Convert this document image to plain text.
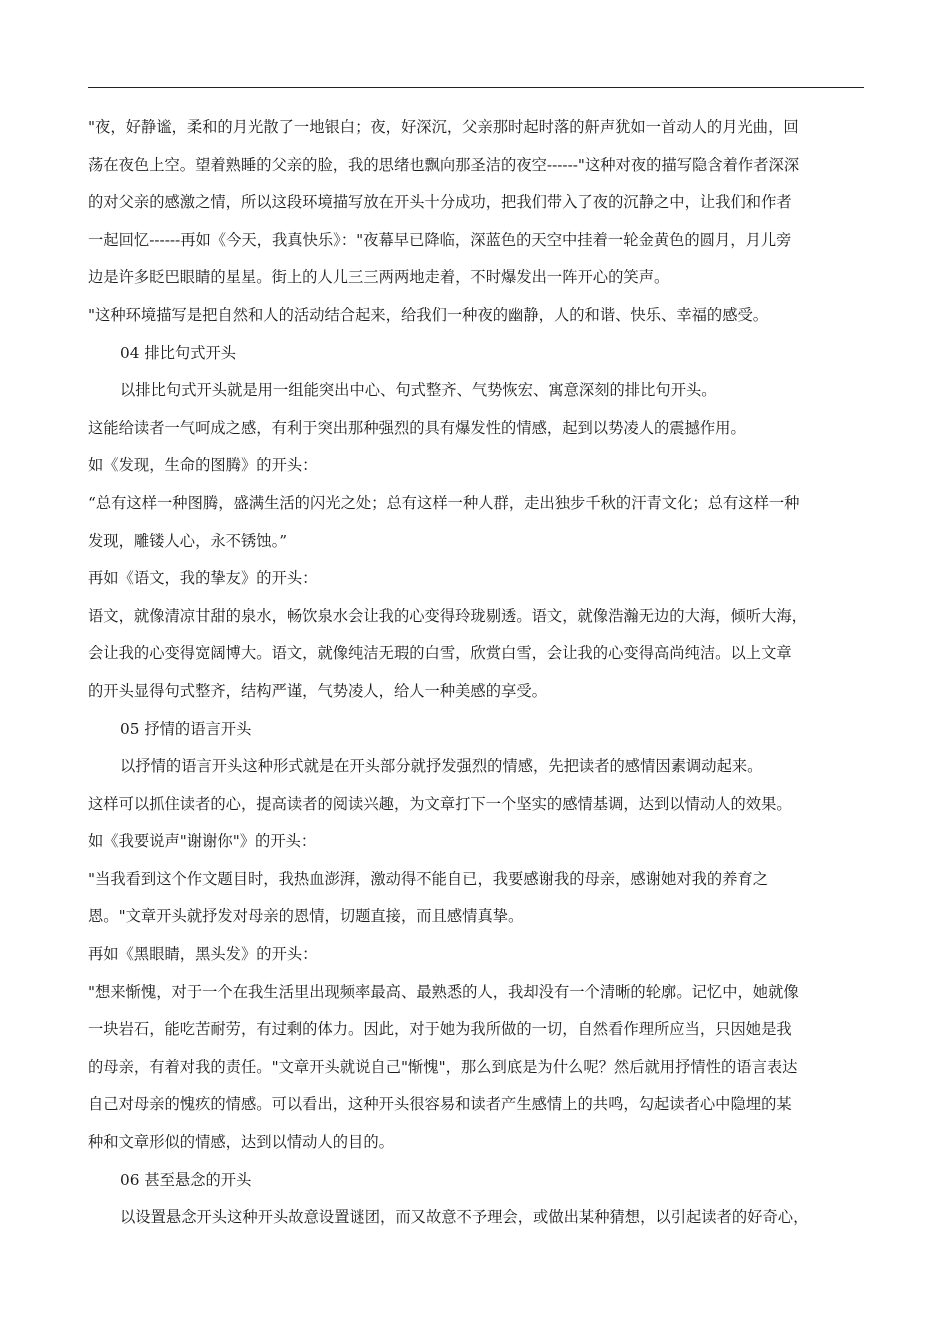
"夜，好静谧，柔和的月光散了一地银白；夜，好深沉，父亲那时起时落的鼾声犹如一首动人的月光曲，回
荡在夜色上空。望着熟睡的父亲的脸，我的思绪也飘向那圣洁的夜空------"这种对夜的描写隐含着作者深深
的对父亲的感激之情，所以这段环境描写放在开头十分成功，把我们带入了夜的沉静之中，让我们和作者
一起回忆------再如《今天，我真快乐》："夜幕早已降临，深蓝色的天空中挂着一轮金黄色的圆月，月儿旁
边是许多眨巴眼睛的星星。街上的人儿三三两两地走着，不时爆发出一阵开心的笑声。
"这种环境描写是把自然和人的活动结合起来，给我们一种夜的幽静，人的和谐、快乐、幸福的感受。
04 排比句式开头
以排比句式开头就是用一组能突出中心、句式整齐、气势恢宏、寓意深刻的排比句开头。
这能给读者一气呵成之感，有利于突出那种强烈的具有爆发性的情感，起到以势凌人的震撼作用。
如《发现，生命的图腾》的开头：
“总有这样一种图腾，盛满生活的闪光之处；总有这样一种人群，走出独步千秋的汗青文化；总有这样一种
发现，雕镂人心，永不锈蚀。”
再如《语文，我的挚友》的开头：
语文，就像清凉甘甜的泉水，畅饮泉水会让我的心变得玲珑剔透。语文，就像浩瀚无边的大海，倾听大海，
会让我的心变得宽阔博大。语文，就像纯洁无瑕的白雪，欣赏白雪，会让我的心变得高尚纯洁。以上文章
的开头显得句式整齐，结构严谨，气势凌人，给人一种美感的享受。
05 抒情的语言开头
以抒情的语言开头这种形式就是在开头部分就抒发强烈的情感，先把读者的感情因素调动起来。
这样可以抓住读者的心，提高读者的阅读兴趣，为文章打下一个坚实的感情基调，达到以情动人的效果。
如《我要说声"谢谢你"》的开头：
"当我看到这个作文题目时，我热血澎湃，激动得不能自已，我要感谢我的母亲，感谢她对我的养育之
恩。"文章开头就抒发对母亲的恩情，切题直接，而且感情真挚。
再如《黑眼睛，黑头发》的开头：
"想来惭愧，对于一个在我生活里出现频率最高、最熟悉的人，我却没有一个清晰的轮廓。记忆中，她就像
一块岩石，能吃苦耐劳，有过剩的体力。因此，对于她为我所做的一切，自然看作理所应当，只因她是我
的母亲，有着对我的责任。"文章开头就说自己"惭愧"，那么到底是为什么呢？然后就用抒情性的语言表达
自己对母亲的愧疚的情感。可以看出，这种开头很容易和读者产生感情上的共鸣，勾起读者心中隐埋的某
种和文章形似的情感，达到以情动人的目的。
06 甚至悬念的开头
以设置悬念开头这种开头故意设置谜团，而又故意不予理会，或做出某种猜想，以引起读者的好奇心，
